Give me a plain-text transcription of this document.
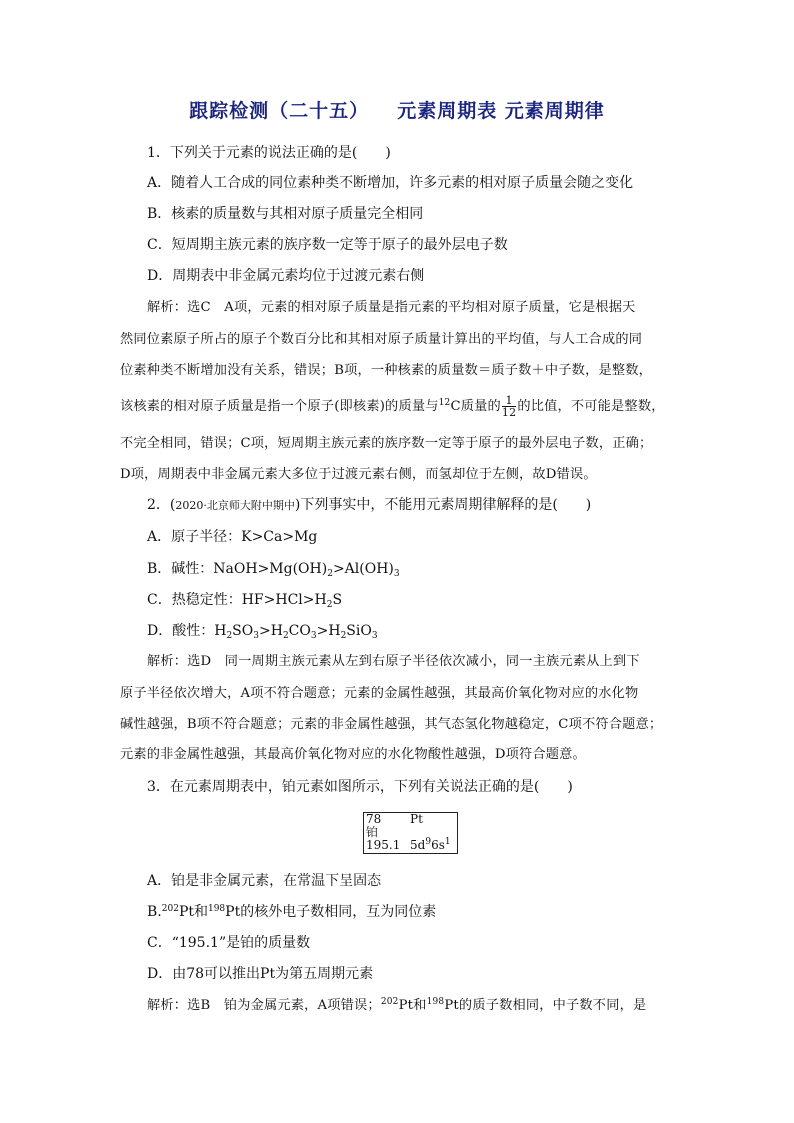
跟踪检测（二十五） 元素周期表 元素周期律
1．下列关于元素的说法正确的是(　　)
A．随着人工合成的同位素种类不断增加，许多元素的相对原子质量会随之变化
B．核素的质量数与其相对原子质量完全相同
C．短周期主族元素的族序数一定等于原子的最外层电子数
D．周期表中非金属元素均位于过渡元素右侧
解析：选C　A项，元素的相对原子质量是指元素的平均相对原子质量，它是根据天
然同位素原子所占的原子个数百分比和其相对原子质量计算出的平均值，与人工合成的同
位素种类不断增加没有关系，错误；B项，一种核素的质量数＝质子数＋中子数，是整数，
该核素的相对原子质量是指一个原子(即核素)的质量与$^{12}$C质量的 $\frac{1}{12}$ 的比值，不可能是整数，
不完全相同，错误；C项，短周期主族元素的族序数一定等于原子的最外层电子数，正确；
D项，周期表中非金属元素大多位于过渡元素右侧，而氢却位于左侧，故D错误。
2．(2020·北京师大附中期中)下列事实中，不能用元素周期律解释的是(　　)
A．原子半径：K>Ca>Mg
B．碱性：$NaOH>Mg(OH)_2>Al(OH)_3$
C．热稳定性：$HF>HCl>H_2S$
D．酸性：$H_2SO_3>H_2CO_3>H_2SiO_3$
解析：选D　同一周期主族元素从左到右原子半径依次减小，同一主族元素从上到下
原子半径依次增大，A项不符合题意；元素的金属性越强，其最高价氧化物对应的水化物
碱性越强，B项不符合题意；元素的非金属性越强，其气态氢化物越稳定，C项不符合题意；
元素的非金属性越强，其最高价氧化物对应的水化物酸性越强，D项符合题意。
3．在元素周期表中，铂元素如图所示，下列有关说法正确的是(　　)
78 Pt
铂
195.1 $5d^96s^1$
A．铂是非金属元素，在常温下呈固态
B.$^{202}$Pt和$^{198}$Pt的核外电子数相同，互为同位素
C．“195.1”是铂的质量数
D．由78可以推出Pt为第五周期元素
解析：选B　铂为金属元素，A项错误；$^{202}$Pt和$^{198}$Pt的质子数相同，中子数不同，是
